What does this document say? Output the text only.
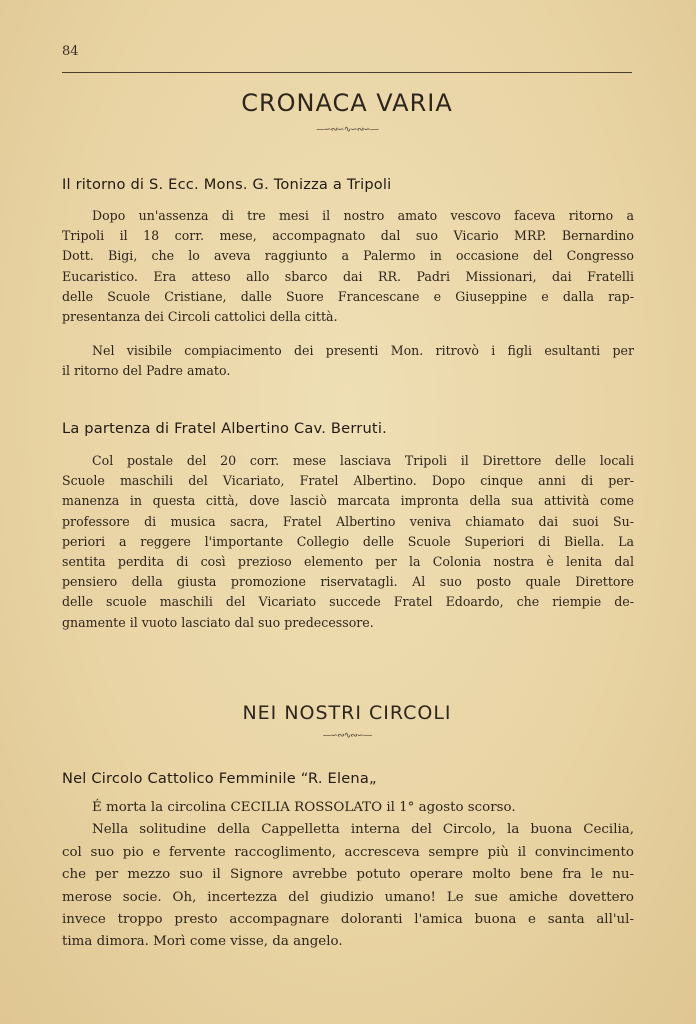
84
CRONACA VARIA
—∽∾∽∿∽∾∽—
Il ritorno di S. Ecc. Mons. G. Tonizza a Tripoli
Dopo un'assenza di tre mesi il nostro amato vescovo faceva ritorno a
Tripoli il 18 corr. mese, accompagnato dal suo Vicario MRP. Bernardino
Dott. Bigi, che lo aveva raggiunto a Palermo in occasione del Congresso
Eucaristico. Era atteso allo sbarco dai RR. Padri Missionari, dai Fratelli
delle Scuole Cristiane, dalle Suore Francescane e Giuseppine e dalla rap-
presentanza dei Circoli cattolici della città.
Nel visibile compiacimento dei presenti Mon. ritrovò i figli esultanti per
il ritorno del Padre amato.
La partenza di Fratel Albertino Cav. Berruti.
Col postale del 20 corr. mese lasciava Tripoli il Direttore delle locali
Scuole maschili del Vicariato, Fratel Albertino. Dopo cinque anni di per-
manenza in questa città, dove lasciò marcata impronta della sua attività come
professore di musica sacra, Fratel Albertino veniva chiamato dai suoi Su-
periori a reggere l'importante Collegio delle Scuole Superiori di Biella. La
sentita perdita di così prezioso elemento per la Colonia nostra è lenita dal
pensiero della giusta promozione riservatagli. Al suo posto quale Direttore
delle scuole maschili del Vicariato succede Fratel Edoardo, che riempie de-
gnamente il vuoto lasciato dal suo predecessore.
NEI NOSTRI CIRCOLI
—∽∾∿∾∽—
Nel Circolo Cattolico Femminile “R. Elena„
É morta la circolina CECILIA ROSSOLATO il 1° agosto scorso.
Nella solitudine della Cappelletta interna del Circolo, la buona Cecilia,
col suo pio e fervente raccoglimento, accresceva sempre più il convincimento
che per mezzo suo il Signore avrebbe potuto operare molto bene fra le nu-
merose socie. Oh, incertezza del giudizio umano! Le sue amiche dovettero
invece troppo presto accompagnare doloranti l'amica buona e santa all'ul-
tima dimora. Morì come visse, da angelo.
